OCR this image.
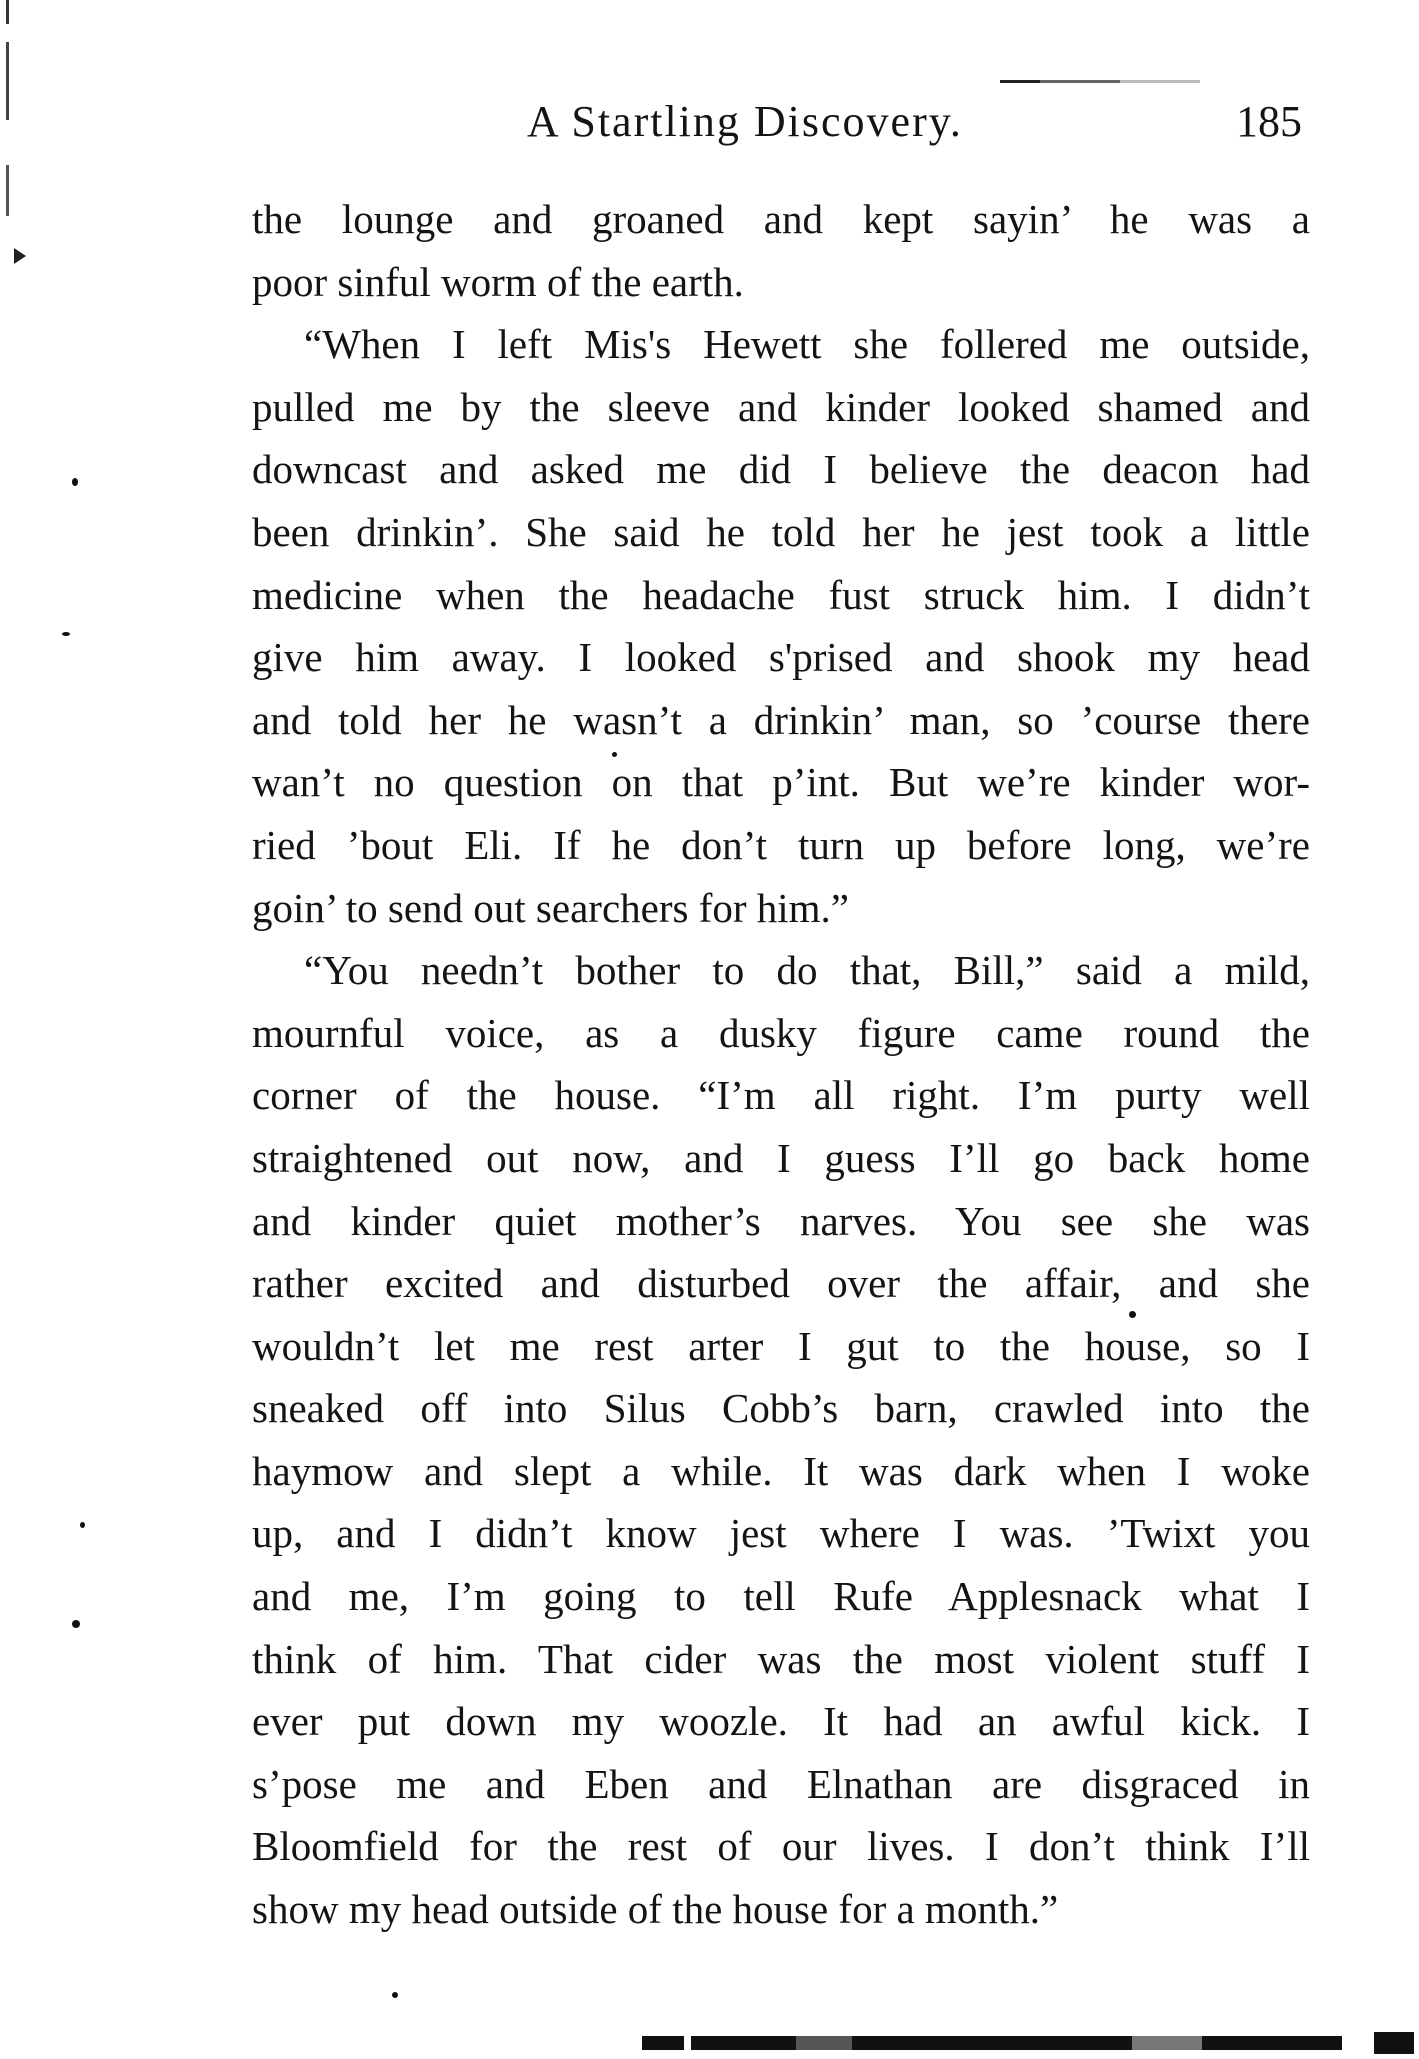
A Startling Discovery.	185
the lounge and groaned and kept sayin’ he was a
poor sinful worm of the earth.
“When I left Mis's Hewett she follered me outside,
pulled me by the sleeve and kinder looked shamed and
downcast and asked me did I believe the deacon had
been drinkin’. She said he told her he jest took a little
medicine when the headache fust struck him. I didn’t
give him away. I looked s'prised and shook my head
and told her he wasn’t a drinkin’ man, so ’course there
wan’t no question on that p’int. But we’re kinder wor-
ried ’bout Eli. If he don’t turn up before long, we’re
goin’ to send out searchers for him.”
“You needn’t bother to do that, Bill,” said a mild,
mournful voice, as a dusky figure came round the
corner of the house. “I’m all right. I’m purty well
straightened out now, and I guess I’ll go back home
and kinder quiet mother’s narves. You see she was
rather excited and disturbed over the affair, and she
wouldn’t let me rest arter I gut to the house, so I
sneaked off into Silus Cobb’s barn, crawled into the
haymow and slept a while. It was dark when I woke
up, and I didn’t know jest where I was. ’Twixt you
and me, I’m going to tell Rufe Applesnack what I
think of him. That cider was the most violent stuff I
ever put down my woozle. It had an awful kick. I
s’pose me and Eben and Elnathan are disgraced in
Bloomfield for the rest of our lives. I don’t think I’ll
show my head outside of the house for a month.”
